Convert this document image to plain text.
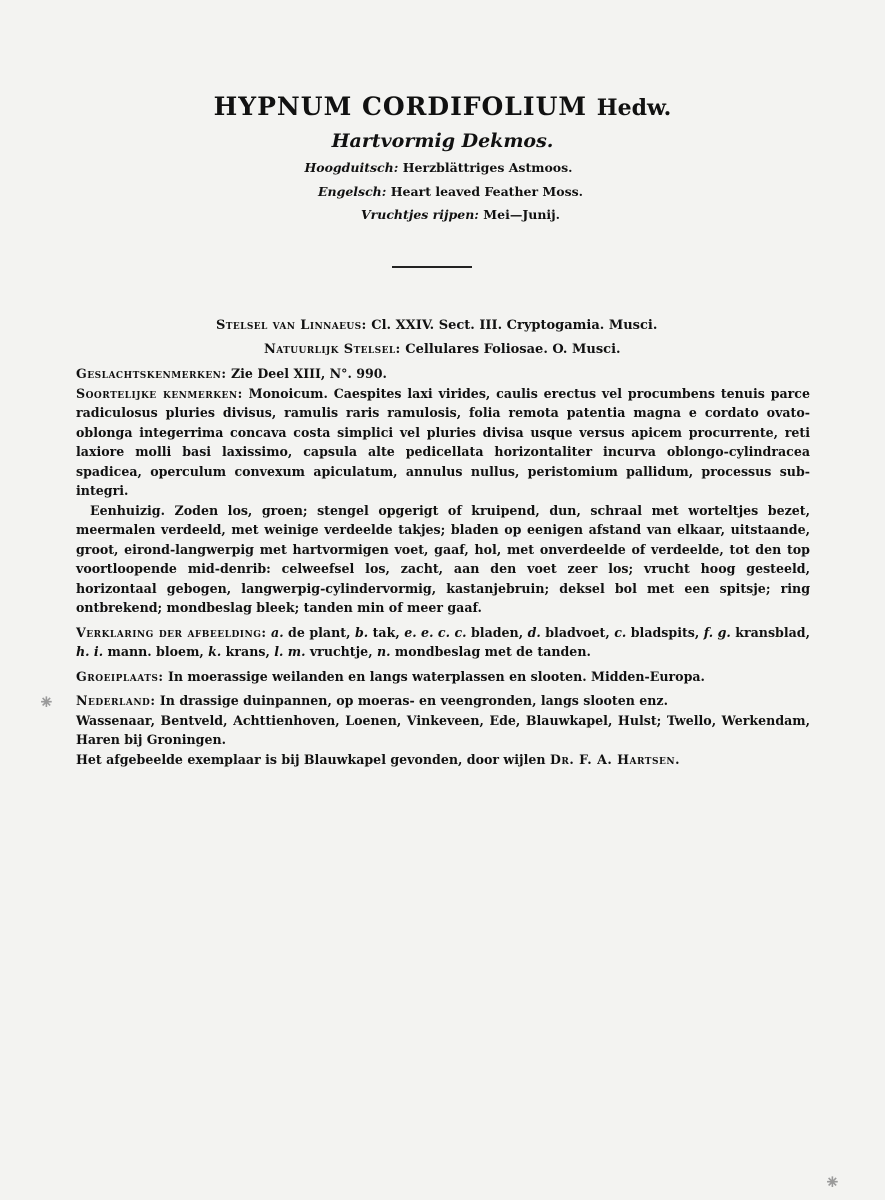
HYPNUM CORDIFOLIUM Hedw.
Hartvormig Dekmos.
Hoogduitsch: Herzblättriges Astmoos.
Engelsch: Heart leaved Feather Moss.
Vruchtjes rijpen: Mei—Junij.
Stelsel van Linnaeus: Cl. XXIV. Sect. III. Cryptogamia. Musci.
Natuurlijk Stelsel: Cellulares Foliosae. O. Musci.

Geslachtskenmerken: Zie Deel XIII, N°. 990.

Soortelijke kenmerken: Monoicum. Caespites laxi virides, caulis erectus vel procumbens tenuis parce radiculosus pluries divisus, ramulis raris ramulosis, folia remota patentia magna e cordato ovato-oblonga integerrima concava costa simplici vel pluries divisa usque versus apicem procurrente, reti laxiore molli basi laxissimo, capsula alte pedicellata horizontaliter incurva oblongo-cylindracea spadicea, operculum convexum apiculatum, annulus nullus, peristomium pallidum, processus sub-integri.

Eenhuizig. Zoden los, groen; stengel opgerigt of kruipend, dun, schraal met worteltjes bezet, meermalen verdeeld, met weinige verdeelde takjes; bladen op eenigen afstand van elkaar, uitstaande, groot, eirond-langwerpig met hartvormigen voet, gaaf, hol, met onverdeelde of verdeelde, tot den top voortloopende mid-denrib: celweefsel los, zacht, aan den voet zeer los; vrucht hoog gesteeld, horizontaal gebogen, langwerpig-cylindervormig, kastanjebruin; deksel bol met een spitsje; ring ontbrekend; mondbeslag bleek; tanden min of meer gaaf.

Verklaring der afbeelding: a. de plant, b. tak, e. e. c. c. bladen, d. bladvoet, c. bladspits, f. g. kransblad, h. i. mann. bloem, k. krans, l. m. vruchtje, n. mondbeslag met de tanden.

Groeiplaats: In moerassige weilanden en langs waterplassen en slooten. Midden-Europa.

Nederland: In drassige duinpannen, op moeras- en veengronden, langs slooten enz.

Wassenaar, Bentveld, Achttienhoven, Loenen, Vinkeveen, Ede, Blauwkapel, Hulst; Twello, Werkendam, Haren bij Groningen.

Het afgebeelde exemplaar is bij Blauwkapel gevonden, door wijlen Dr. F. A. Hartsen.

⁕
⁕
